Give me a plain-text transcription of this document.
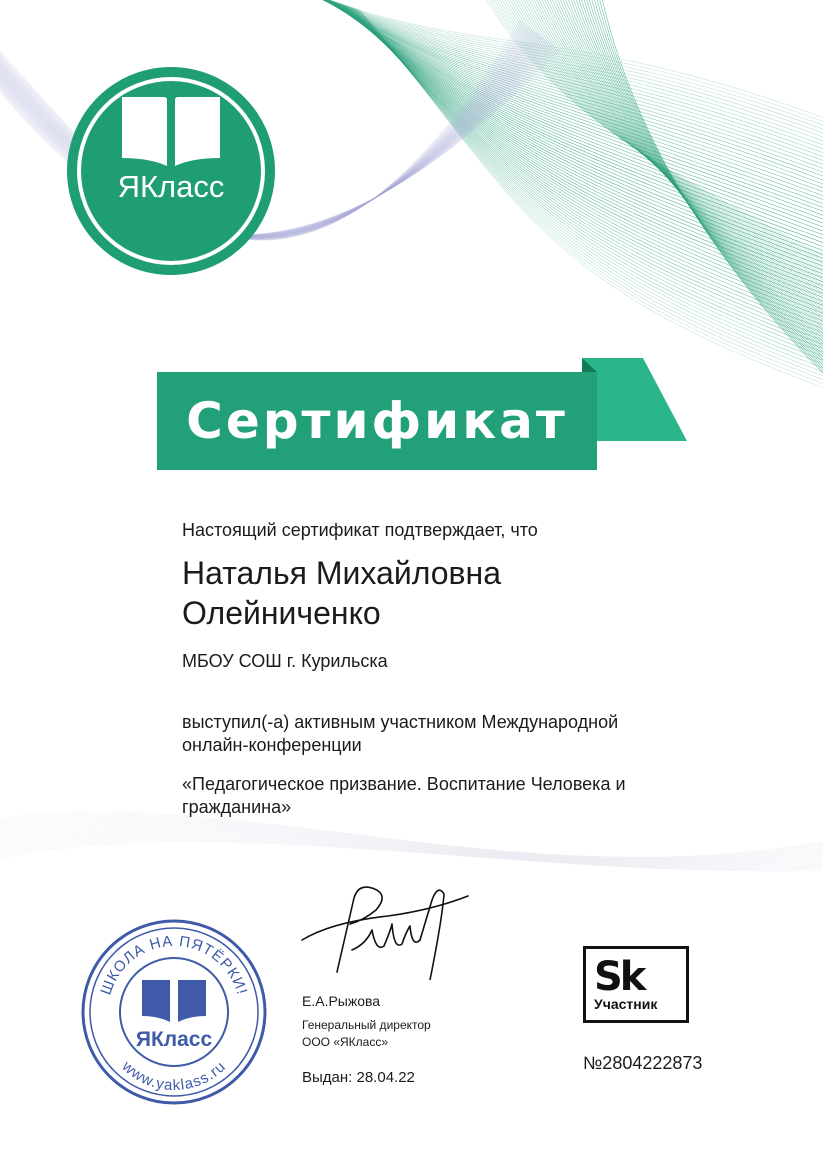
ЯКласс
Сертификат
Настоящий сертификат подтверждает, что
Наталья Михайловна
Олейниченко
МБОУ СОШ г. Курильска
выступил(-а) активным участником Международной
онлайн-конференции
«Педагогическое призвание. Воспитание Человека и
гражданина»
ШКОЛА НА ПЯТЁРКИ!
www.yaklass.ru
ЯКласс
Е.А.Рыжова
Генеральный директор
ООО «ЯКласс»
Выдан: 28.04.22
Sk
Участник
№2804222873
